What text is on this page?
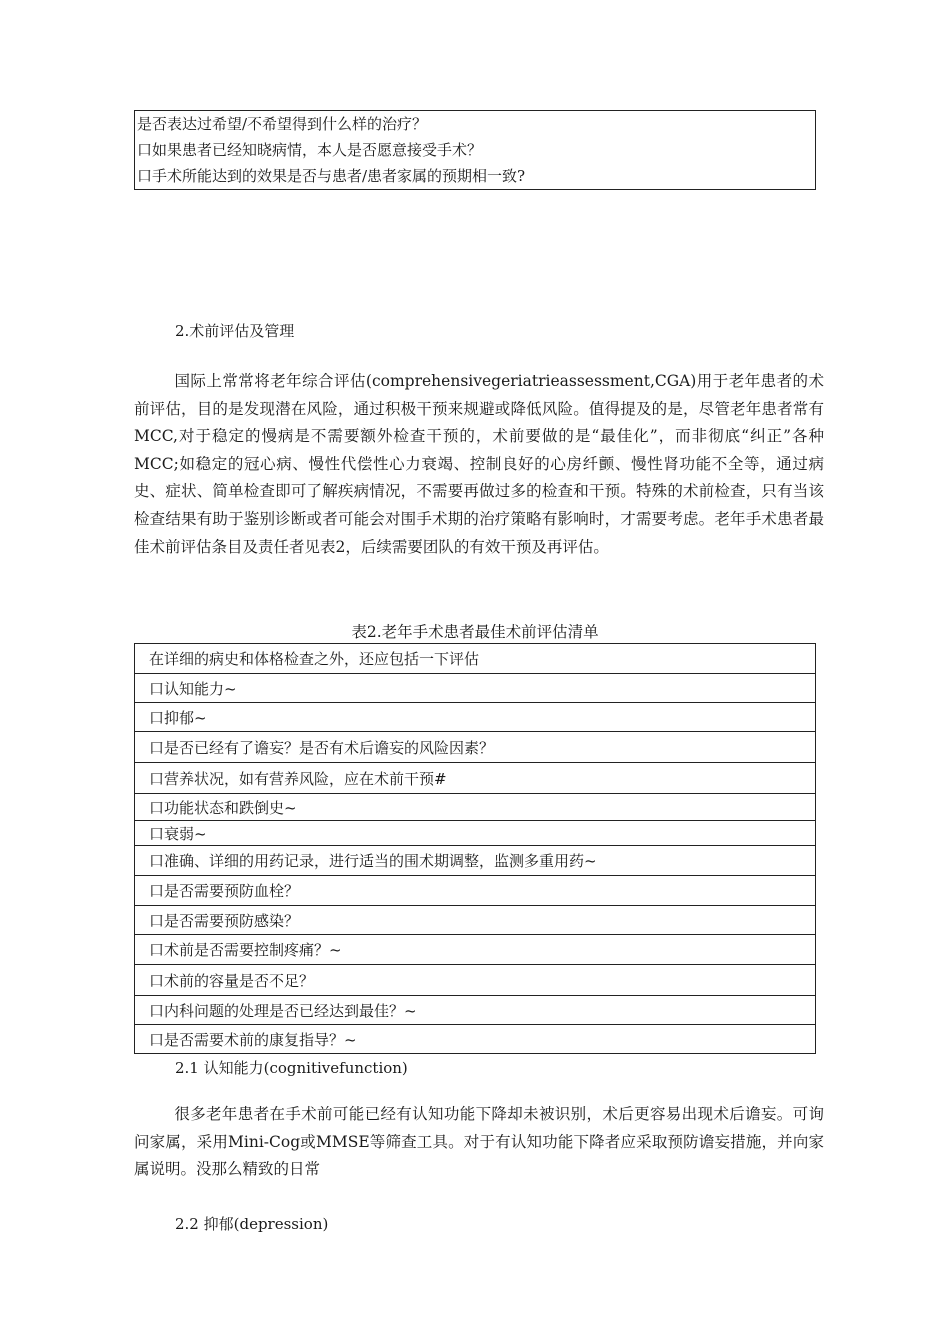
是否表达过希望/不希望得到什么样的治疗？
口如果患者已经知晓病情，本人是否愿意接受手术？
口手术所能达到的效果是否与患者/患者家属的预期相一致?
2.术前评估及管理
国际上常常将老年综合评估(comprehensivegeriatrieassessment,CGA)用于老年患者的术前评估，目的是发现潜在风险，通过积极干预来规避或降低风险。值得提及的是，尽管老年患者常有MCC,对于稳定的慢病是不需要额外检查干预的，术前要做的是“最佳化”，而非彻底“纠正”各种MCC;如稳定的冠心病、慢性代偿性心力衰竭、控制良好的心房纤颤、慢性肾功能不全等，通过病史、症状、简单检查即可了解疾病情况，不需要再做过多的检查和干预。特殊的术前检查，只有当该检查结果有助于鉴别诊断或者可能会对围手术期的治疗策略有影响时，才需要考虑。老年手术患者最佳术前评估条目及责任者见表2，后续需要团队的有效干预及再评估。
表2.老年手术患者最佳术前评估清单
在详细的病史和体格检查之外，还应包括一下评估
口认知能力~
口抑郁~
口是否已经有了谵妄？是否有术后谵妄的风险因素？
口营养状况，如有营养风险，应在术前干预#
口功能状态和跌倒史~
口衰弱~
口准确、详细的用药记录，进行适当的围术期调整，监测多重用药~
口是否需要预防血栓？
口是否需要预防感染？
口术前是否需要控制疼痛？~
口术前的容量是否不足？
口内科问题的处理是否已经达到最佳？~
口是否需要术前的康复指导？~
2.1 认知能力(cognitivefunction)
很多老年患者在手术前可能已经有认知功能下降却未被识别，术后更容易出现术后谵妄。可询问家属，采用Mini-Cog或MMSE等筛查工具。对于有认知功能下降者应采取预防谵妄措施，并向家属说明。没那么精致的日常
2.2 抑郁(depression)
